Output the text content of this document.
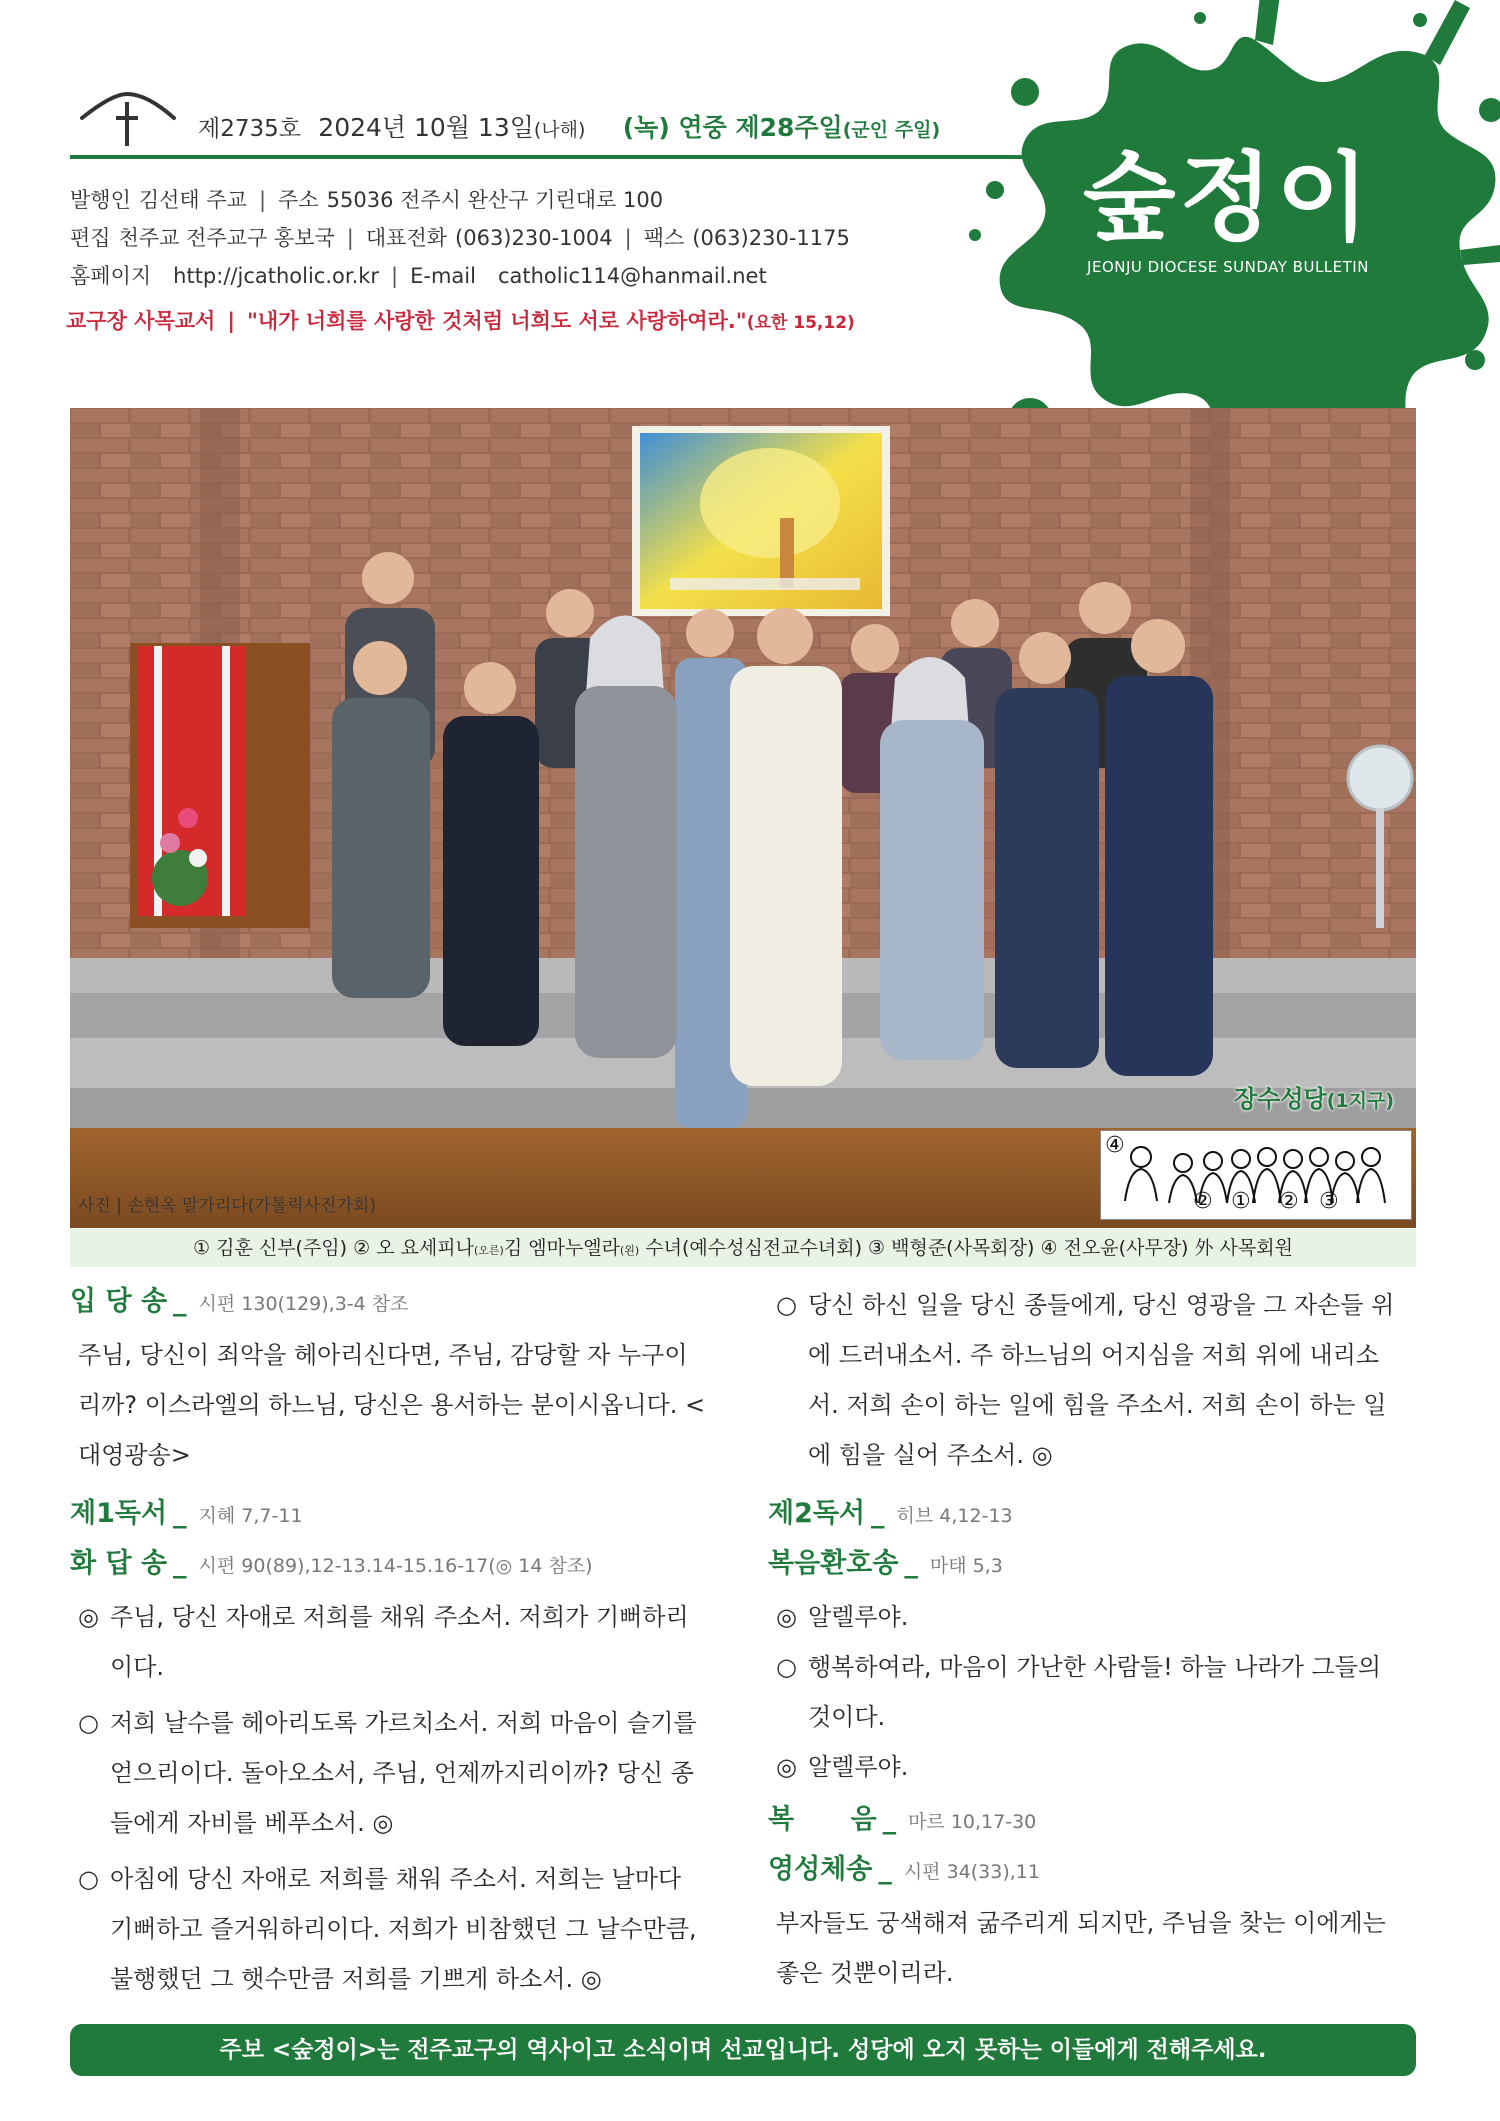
제2735호 2024년 10월 13일(나해) (녹) 연중 제28주일(군인 주일)
발행인 김선태 주교 | 주소 55036 전주시 완산구 기린대로 100
편집 천주교 전주교구 홍보국 | 대표전화 (063)230-1004 | 팩스 (063)230-1175
홈페이지 http://jcatholic.or.kr | E-mail catholic114@hanmail.net
교구장 사목교서 | "내가 너희를 사랑한 것처럼 너희도 서로 사랑하여라."(요한 15,12)
숲정이
JEONJU DIOCESE SUNDAY BULLETIN
사진 | 손현옥 말가리다(가톨릭사진가회)
장수성당(1지구)
④
② ① ② ③
① 김훈 신부(주임) ② 오 요세피나(오른)김 엠마누엘라(왼) 수녀(예수성심전교수녀회) ③ 백형준(사목회장) ④ 전오윤(사무장) 外 사목회원
입 당 송 _ 시편 130(129),3-4 참조
주님, 당신이 죄악을 헤아리신다면, 주님, 감당할 자 누구이리까? 이스라엘의 하느님, 당신은 용서하는 분이시옵니다. <대영광송>
제1독서 _ 지혜 7,7-11
화 답 송 _ 시편 90(89),12-13.14-15.16-17(◎ 14 참조)
◎ 주님, 당신 자애로 저희를 채워 주소서. 저희가 기뻐하리이다.
○ 저희 날수를 헤아리도록 가르치소서. 저희 마음이 슬기를 얻으리이다. 돌아오소서, 주님, 언제까지리이까? 당신 종들에게 자비를 베푸소서. ◎
○ 아침에 당신 자애로 저희를 채워 주소서. 저희는 날마다 기뻐하고 즐거워하리이다. 저희가 비참했던 그 날수만큼, 불행했던 그 햇수만큼 저희를 기쁘게 하소서. ◎
○ 당신 하신 일을 당신 종들에게, 당신 영광을 그 자손들 위에 드러내소서. 주 하느님의 어지심을 저희 위에 내리소서. 저희 손이 하는 일에 힘을 주소서. 저희 손이 하는 일에 힘을 실어 주소서. ◎
제2독서 _ 히브 4,12-13
복음환호송 _ 마태 5,3
◎ 알렐루야.
○ 행복하여라, 마음이 가난한 사람들! 하늘 나라가 그들의 것이다.
◎ 알렐루야.
복      음 _ 마르 10,17-30
영성체송 _ 시편 34(33),11
부자들도 궁색해져 굶주리게 되지만, 주님을 찾는 이에게는 좋은 것뿐이리라.
주보 <숲정이>는 전주교구의 역사이고 소식이며 선교입니다. 성당에 오지 못하는 이들에게 전해주세요.
